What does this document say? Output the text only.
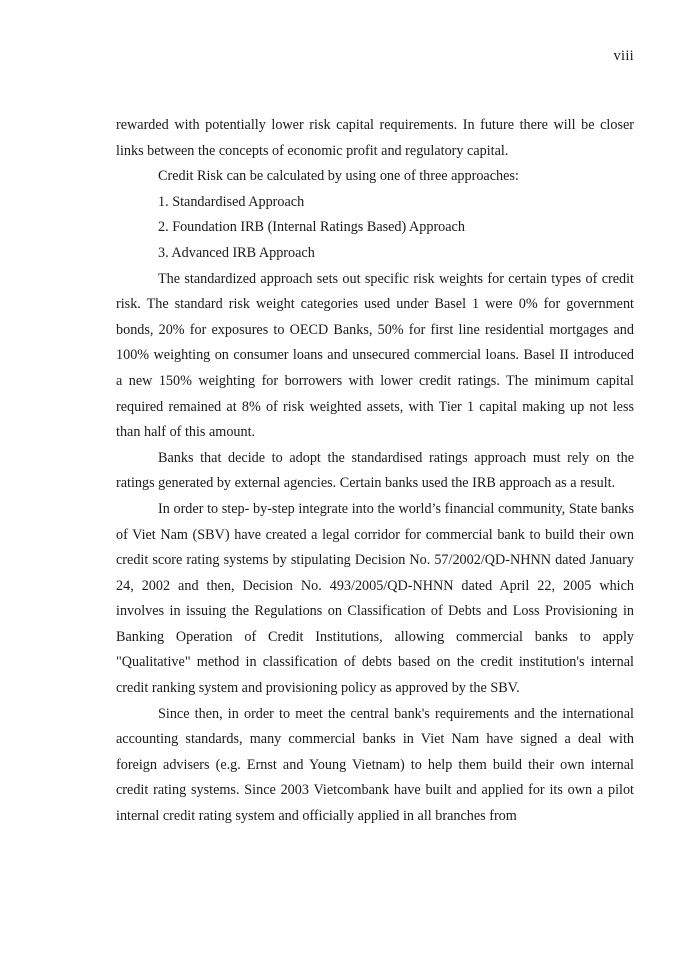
viii

rewarded with potentially lower risk capital requirements. In future there will be closer links between the concepts of economic profit and regulatory capital.

Credit Risk can be calculated by using one of three approaches:

1. Standardised Approach

2. Foundation IRB (Internal Ratings Based) Approach

3. Advanced IRB Approach

The standardized approach sets out specific risk weights for certain types of credit risk. The standard risk weight categories used under Basel 1 were 0% for government bonds, 20% for exposures to OECD Banks, 50% for first line residential mortgages and 100% weighting on consumer loans and unsecured commercial loans. Basel II introduced a new 150% weighting for borrowers with lower credit ratings. The minimum capital required remained at 8% of risk weighted assets, with Tier 1 capital making up not less than half of this amount.

Banks that decide to adopt the standardised ratings approach must rely on the ratings generated by external agencies. Certain banks used the IRB approach as a result.

In order to step- by-step integrate into the world’s financial community, State banks of Viet Nam (SBV) have created a legal corridor for commercial bank to build their own credit score rating systems by stipulating Decision No. 57/2002/QD-NHNN dated January 24, 2002 and then, Decision No. 493/2005/QD-NHNN dated April 22, 2005 which involves in issuing the Regulations on Classification of Debts and Loss Provisioning in Banking Operation of Credit Institutions, allowing commercial banks to apply "Qualitative" method in classification of debts based on the credit institution's internal credit ranking system and provisioning policy as approved by the SBV.

Since then, in order to meet the central bank's requirements and the international accounting standards, many commercial banks in Viet Nam have signed a deal with foreign advisers (e.g. Ernst and Young Vietnam) to help them build their own internal credit rating systems. Since 2003 Vietcombank have built and applied for its own a pilot internal credit rating system and officially applied in all branches from
